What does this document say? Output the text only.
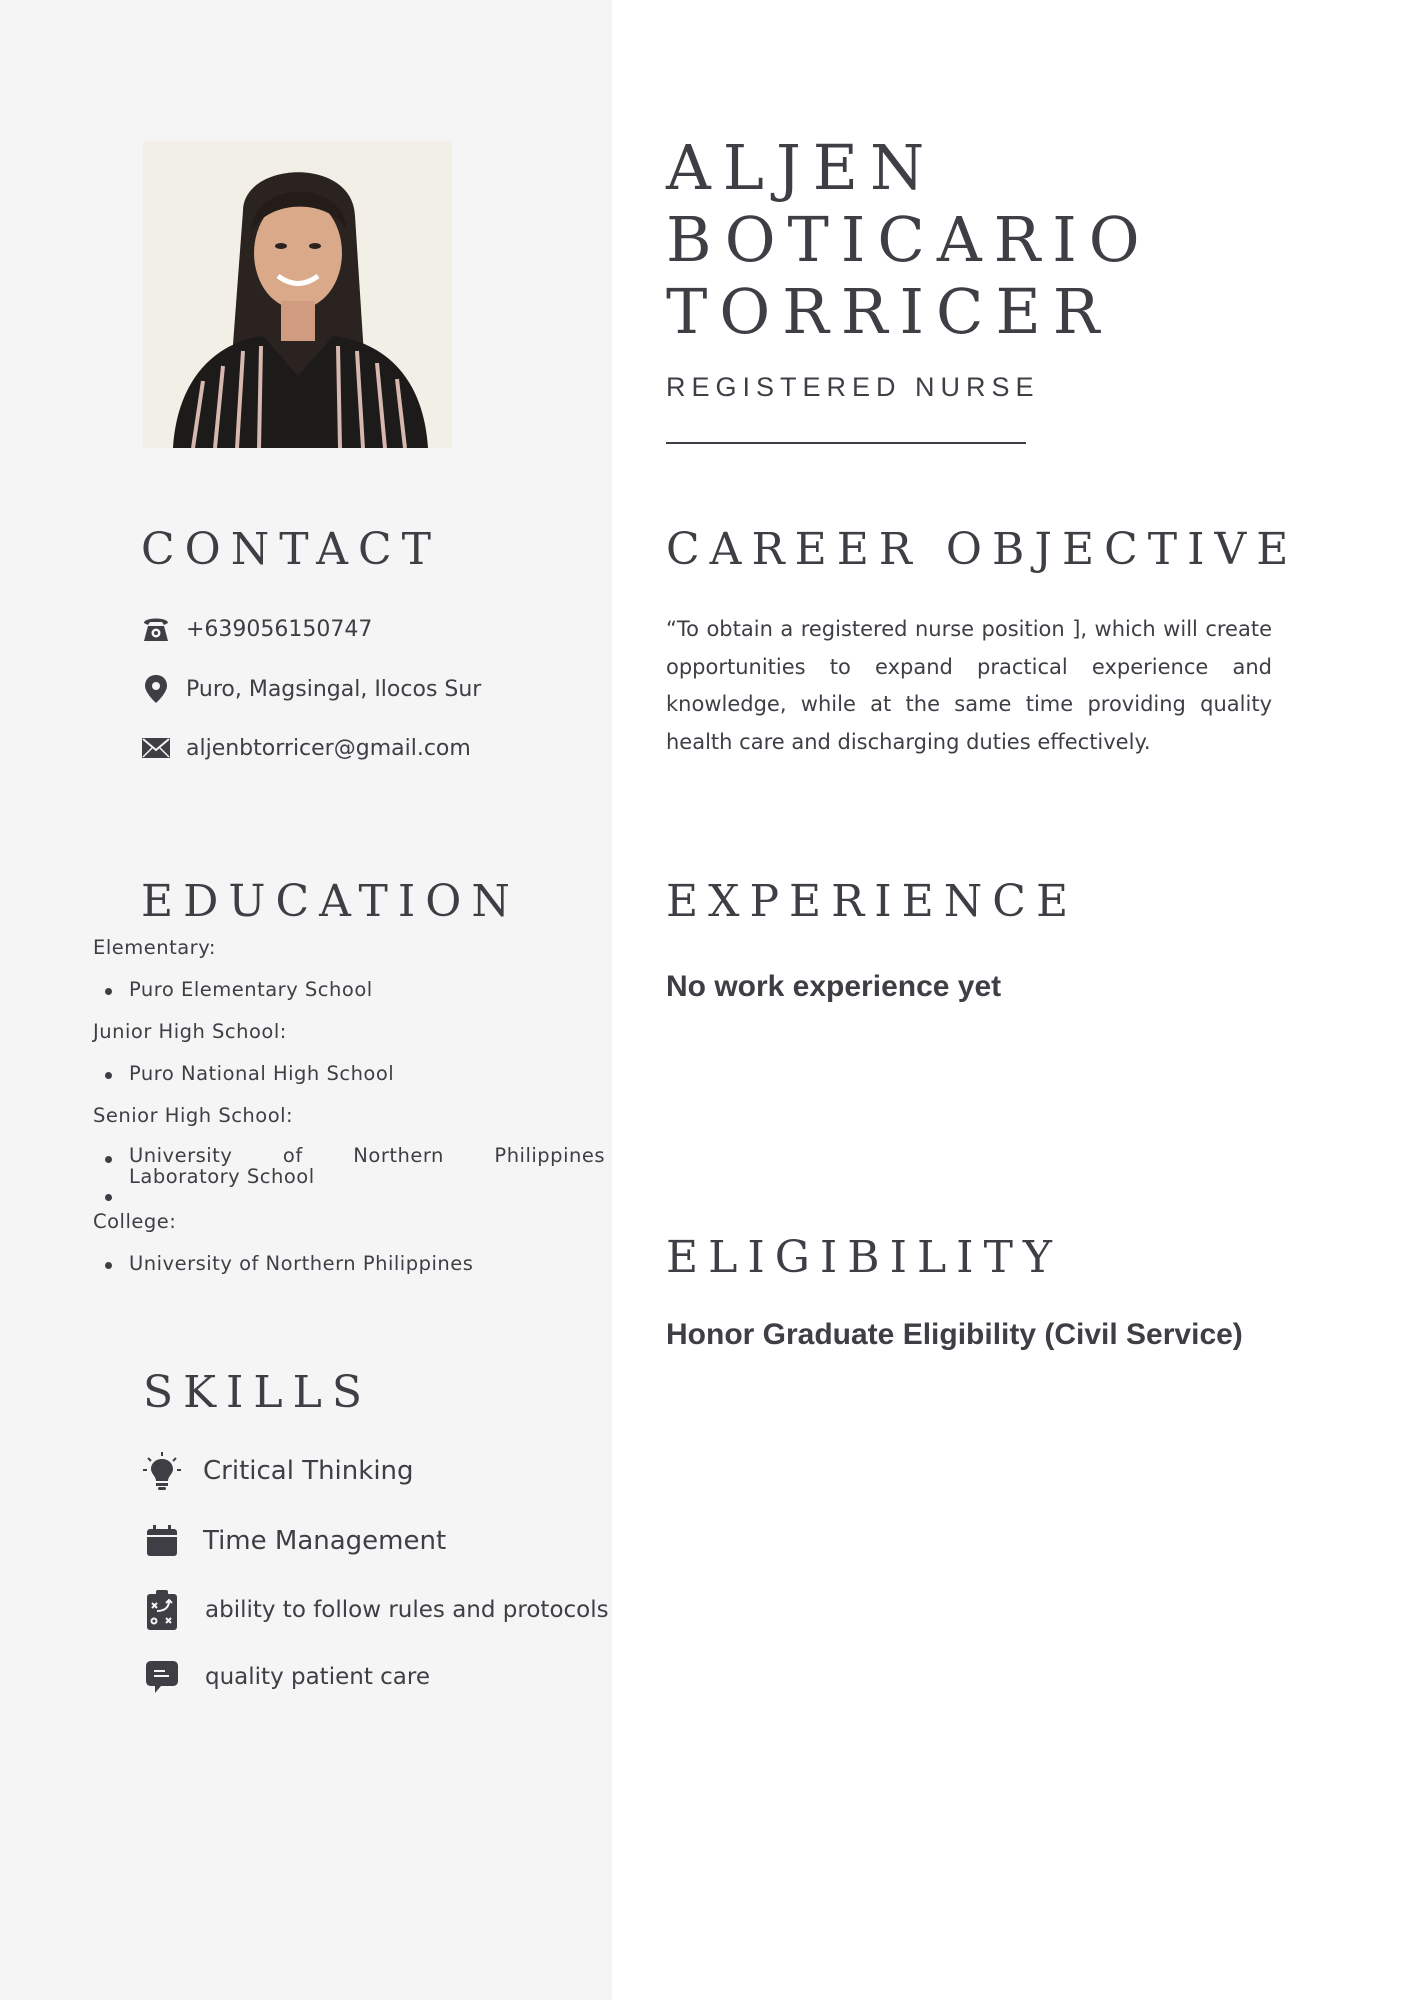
ALJEN
BOTICARIO
TORRICER
REGISTERED NURSE
CONTACT
+639056150747
Puro, Magsingal, Ilocos Sur
aljenbtorricer@gmail.com
CAREER OBJECTIVE

“To obtain a registered nurse position ], which will create opportunities to expand practical experience and knowledge, while at the same time providing quality health care and discharging duties effectively.

EDUCATION
Elementary:
Puro Elementary School
Junior High School:
Puro National High School
Senior High School:
University of Northern Philippines
Laboratory School
College:
University of Northern Philippines
EXPERIENCE
No work experience yet
ELIGIBILITY
Honor Graduate Eligibility (Civil Service)
SKILLS
Critical Thinking
Time Management
ability to follow rules and protocols
quality patient care
